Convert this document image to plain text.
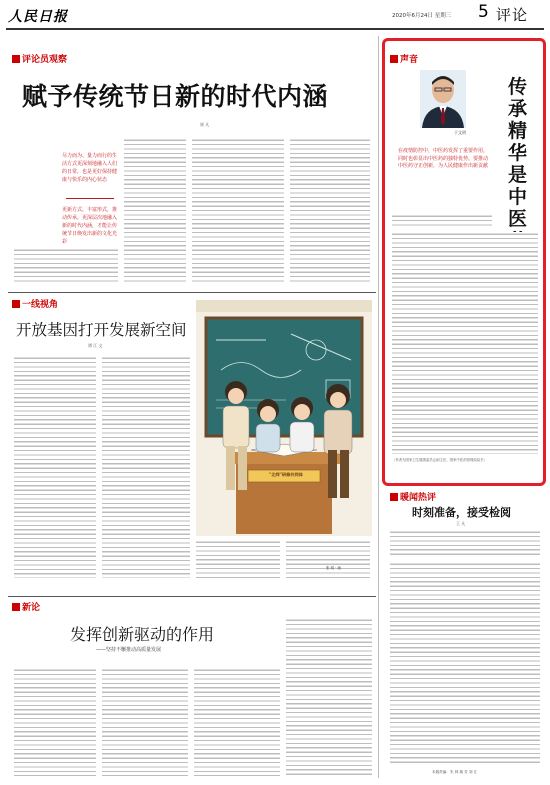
人民日报	2020年6月24日 星期三 5 评论
评论员观察
赋予传统节日新的时代内涵
崔 凡
尽力而为、量力而行的生活方式更深刻地融入人们的日常，也是更好保持健康与快乐的内心状态
更新方式、丰富形式，推动传承，更深层次地融入新的时代内涵，才能让传统节日焕发出新的文化光彩
一线视角
开放基因打开发展新空间
谭 江 文
"北师"研修共同体
张 明 · 画
新论
发挥创新驱动的作用
——坚持不懈推动高质量发展
声音
于文明
传承精华是中医
在疫情防控中，中医药发挥了重要作用，同时也彰显出中医药的独特优势。要推动中医药守正创新，为人民健康作出新贡献
（作者为国家卫生健康委员会副主任、国家中医药管理局局长）
暖闻热评
时刻准备，接受检阅
王 凡
本版责编：朱 林 姚 芳 刘 江
